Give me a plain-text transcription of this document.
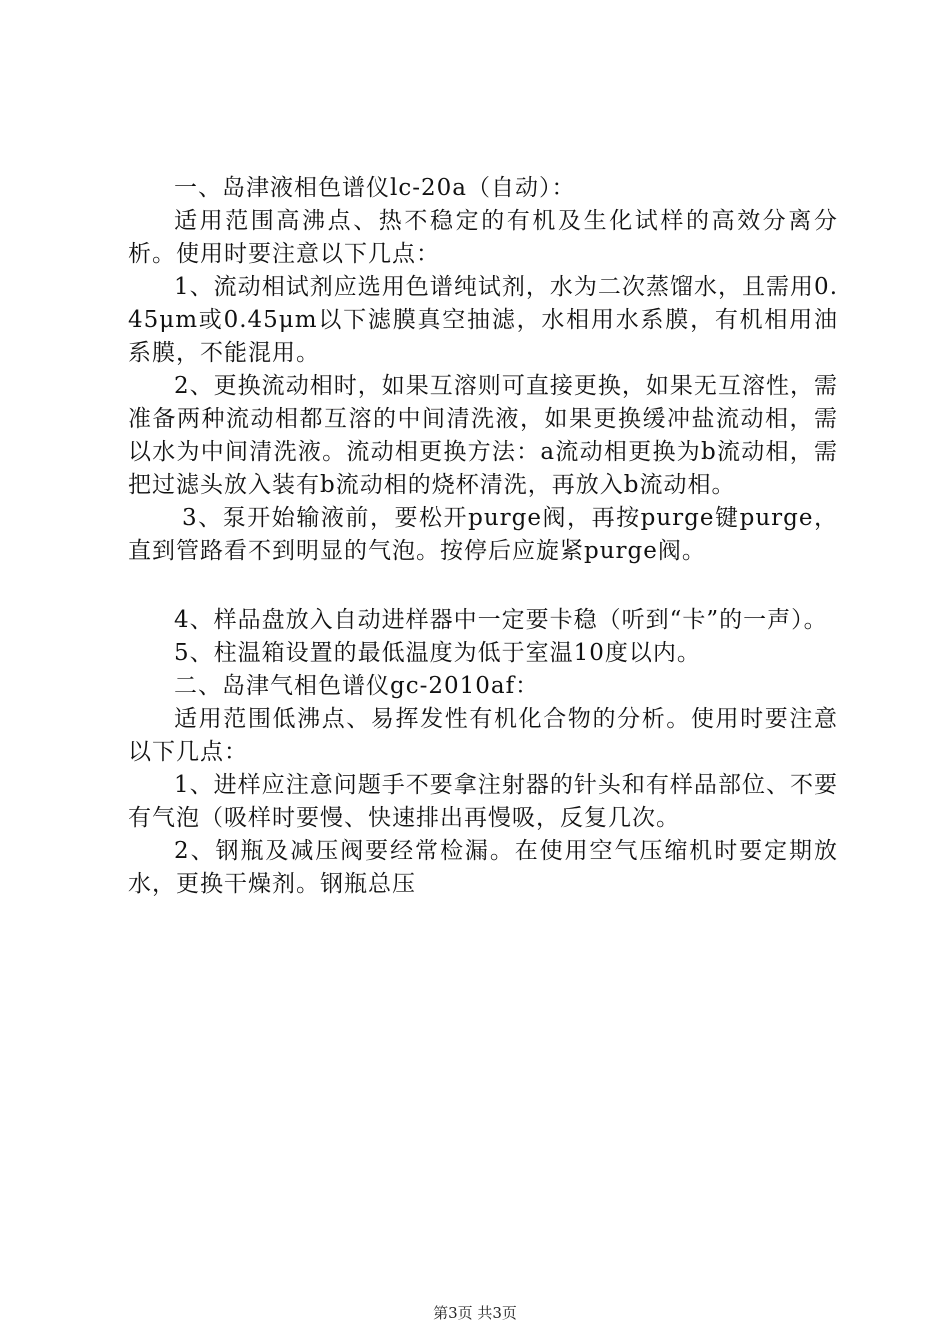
一、岛津液相色谱仪lc-20a（自动）：

适用范围高沸点、热不稳定的有机及生化试样的高效分离分析。使用时要注意以下几点：

1、流动相试剂应选用色谱纯试剂，水为二次蒸馏水，且需用0.45μm或0.45μm以下滤膜真空抽滤，水相用水系膜，有机相用油系膜，不能混用。

2、更换流动相时，如果互溶则可直接更换，如果无互溶性，需准备两种流动相都互溶的中间清洗液，如果更换缓冲盐流动相，需以水为中间清洗液。流动相更换方法：a流动相更换为b流动相，需把过滤头放入装有b流动相的烧杯清洗，再放入b流动相。

3、泵开始输液前，要松开purge阀，再按purge键purge，直到管路看不到明显的气泡。按停后应旋紧purge阀。

4、样品盘放入自动进样器中一定要卡稳（听到“卡”的一声）。

5、柱温箱设置的最低温度为低于室温10度以内。

二、岛津气相色谱仪gc-2010af：

适用范围低沸点、易挥发性有机化合物的分析。使用时要注意以下几点：

1、进样应注意问题手不要拿注射器的针头和有样品部位、不要有气泡（吸样时要慢、快速排出再慢吸，反复几次。

2、钢瓶及减压阀要经常检漏。在使用空气压缩机时要定期放水，更换干燥剂。钢瓶总压

第3页 共3页
